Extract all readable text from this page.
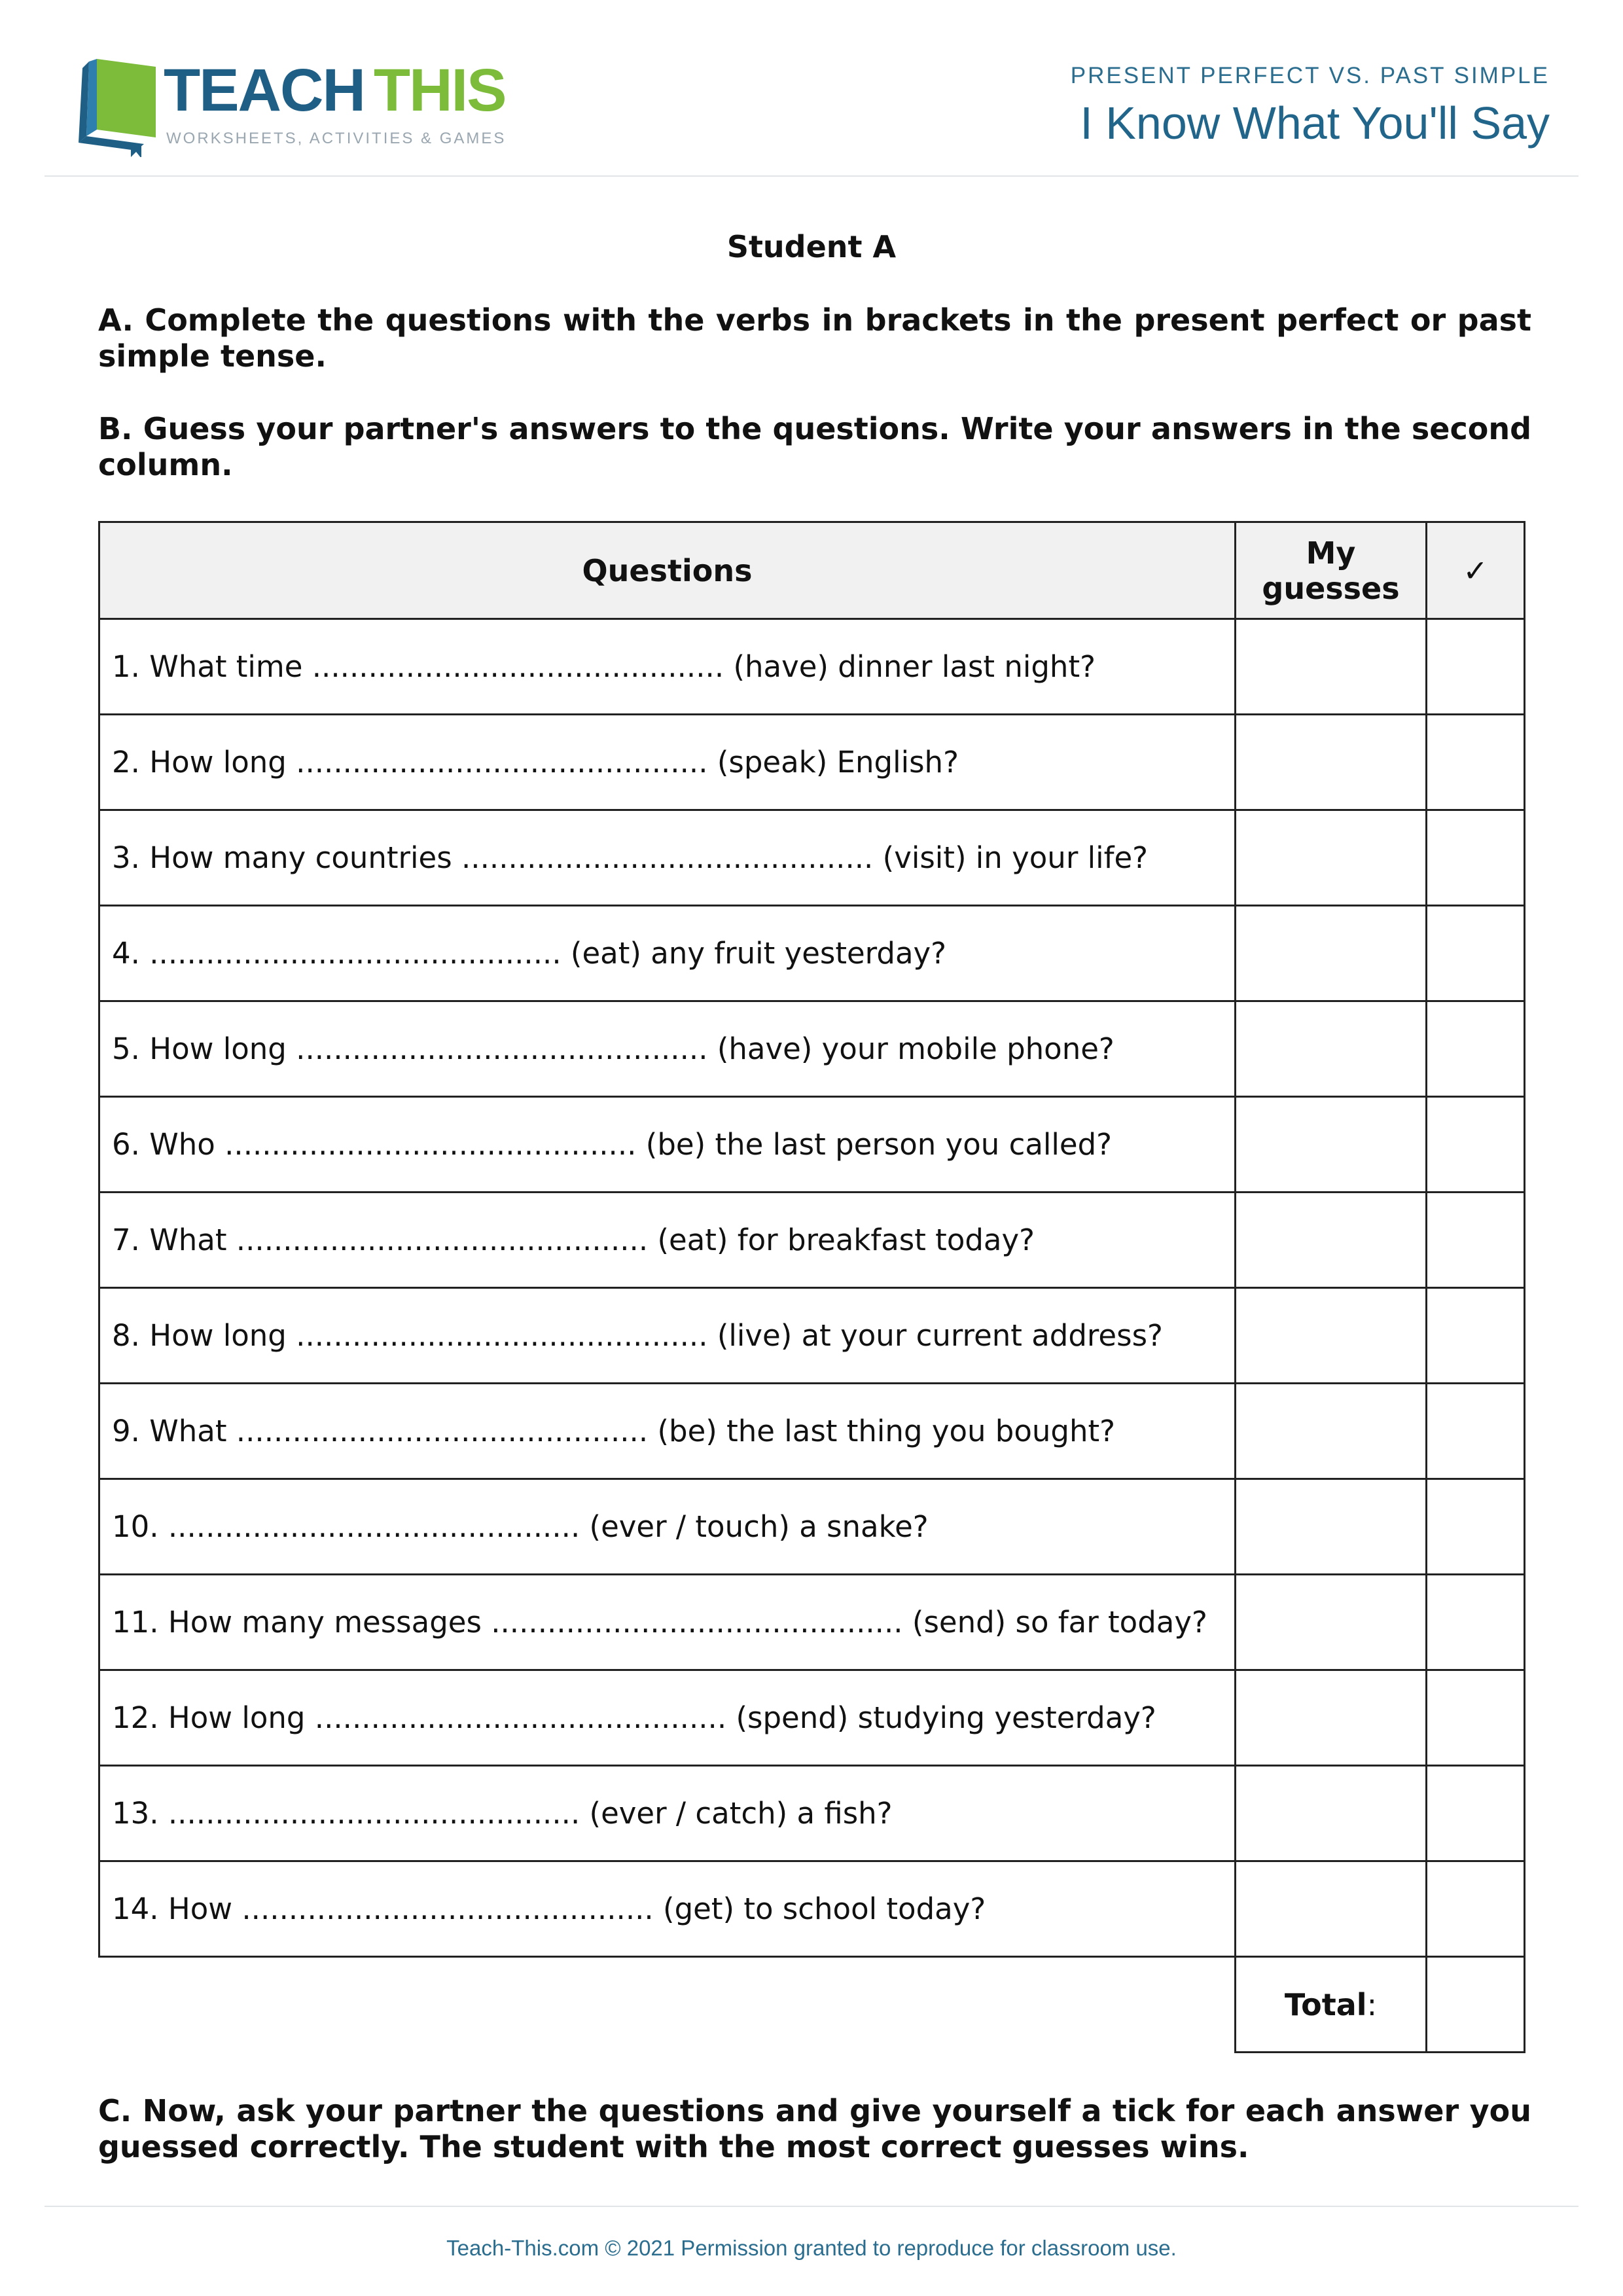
TEACH THIS
WORKSHEETS, ACTIVITIES & GAMES
PRESENT PERFECT VS. PAST SIMPLE
I Know What You'll Say
Student A
A. Complete the questions with the verbs in brackets in the present perfect or past simple tense.
B. Guess your partner's answers to the questions. Write your answers in the second column.
Questions	My guesses	✓
1. What time ............................................ (have) dinner last night?		
2. How long ............................................ (speak) English?		
3. How many countries ............................................ (visit) in your life?		
4. ............................................ (eat) any fruit yesterday?		
5. How long ............................................ (have) your mobile phone?		
6. Who ............................................ (be) the last person you called?		
7. What ............................................ (eat) for breakfast today?		
8. How long ............................................ (live) at your current address?		
9. What ............................................ (be) the last thing you bought?		
10. ............................................ (ever / touch) a snake?		
11. How many messages ............................................ (send) so far today?		
12. How long ............................................ (spend) studying yesterday?		
13. ............................................ (ever / catch) a fish?		
14. How ............................................ (get) to school today?		
	Total:	
C. Now, ask your partner the questions and give yourself a tick for each answer you guessed correctly. The student with the most correct guesses wins.
Teach-This.com © 2021 Permission granted to reproduce for classroom use.
